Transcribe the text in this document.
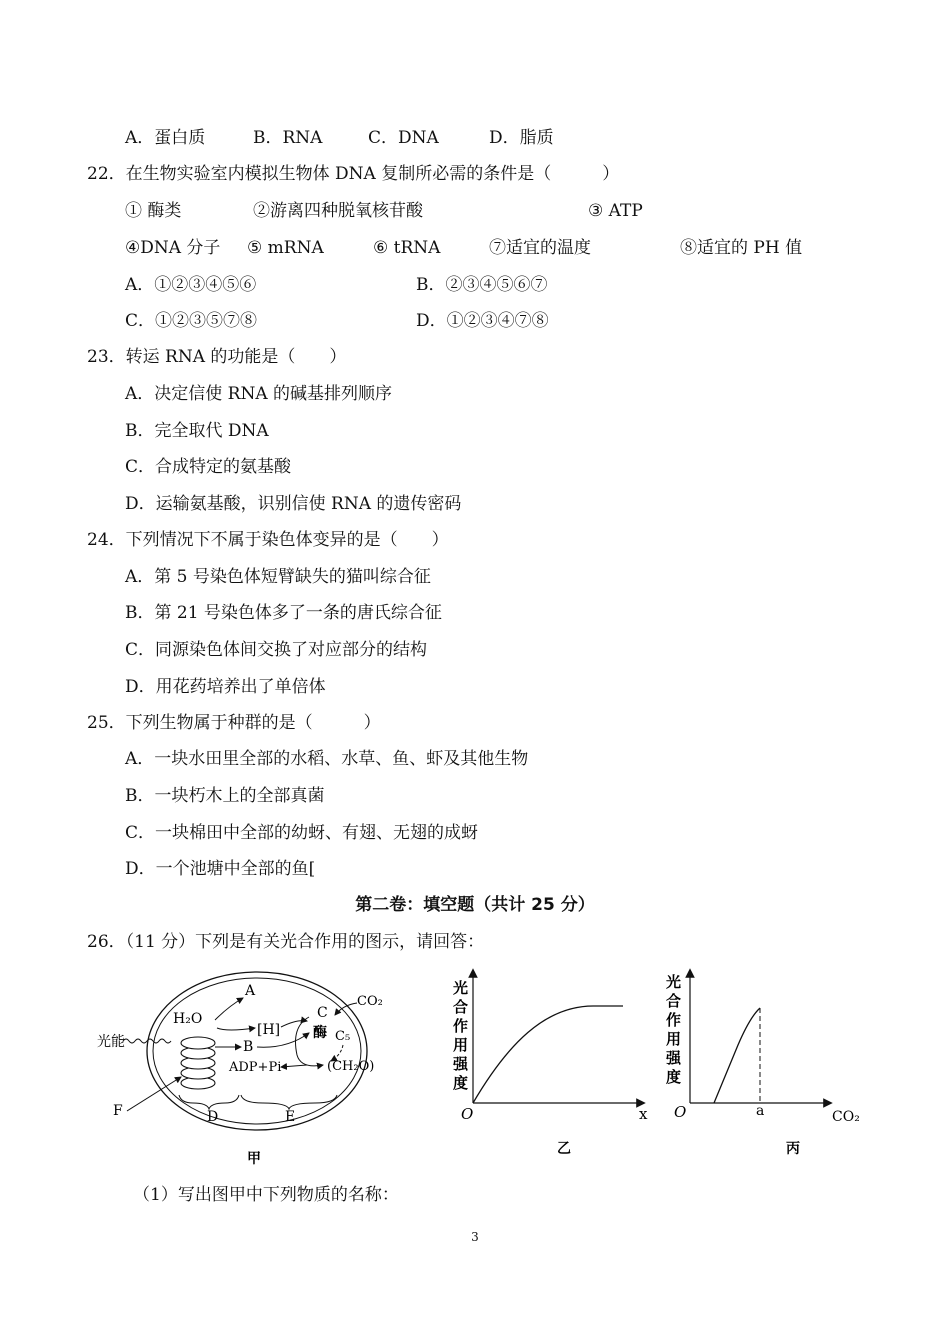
A．蛋白质	B．RNA	C．DNA	D．脂质
22．在生物实验室内模拟生物体 DNA 复制所必需的条件是（　　　）
① 酶类	②游离四种脱氧核苷酸	③ ATP
④DNA 分子 ⑤ mRNA	⑥ tRNA	⑦适宜的温度	⑧适宜的 PH 值
A．①②③④⑤⑥	B．②③④⑤⑥⑦
C．①②③⑤⑦⑧	D．①②③④⑦⑧
23．转运 RNA 的功能是（　　）
A．决定信使 RNA 的碱基排列顺序
B．完全取代 DNA
C．合成特定的氨基酸
D．运输氨基酸，识别信使 RNA 的遗传密码
24．下列情况下不属于染色体变异的是（　　）
A．第 5 号染色体短臂缺失的猫叫综合征
B．第 21 号染色体多了一条的唐氏综合征
C．同源染色体间交换了对应部分的结构
D．用花药培养出了单倍体
25．下列生物属于种群的是（　　　）
A．一块水田里全部的水稻、水草、鱼、虾及其他生物
B．一块朽木上的全部真菌
C．一块棉田中全部的幼蚜、有翅、无翅的成蚜
D．一个池塘中全部的鱼[
第二卷：填空题（共计 25 分）
26．（11 分）下列是有关光合作用的图示，请回答：
光能
H₂O
A
[H]
C
B
酶
CO₂
C₅
(CH₂O)
ADP+Pi
F	D	E
甲
光合作用强度
O	x
乙
光合作用强度
O	a	CO₂
丙
（1）写出图甲中下列物质的名称：
3
